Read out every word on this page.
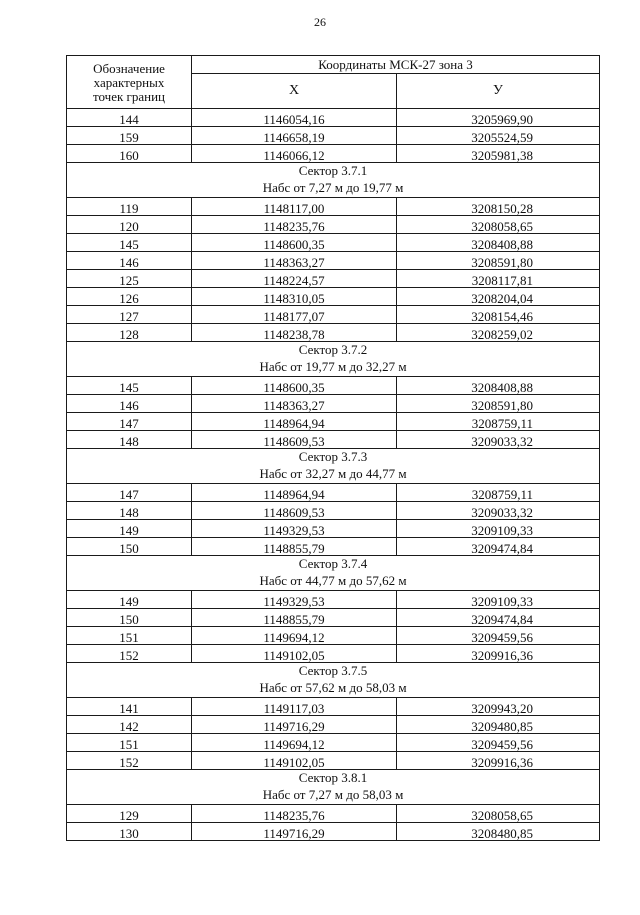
26
Обозначение
характерных
точек границ	Координаты МСК-27 зона 3	
	Х	У
144	1146054,16	3205969,90
159	1146658,19	3205524,59
160	1146066,12	3205981,38

Сектор 3.7.1
Набс от 7,27 м до 19,77 м		

119	1148117,00	3208150,28
120	1148235,76	3208058,65
145	1148600,35	3208408,88
146	1148363,27	3208591,80
125	1148224,57	3208117,81
126	1148310,05	3208204,04
127	1148177,07	3208154,46
128	1148238,78	3208259,02

Сектор 3.7.2
Набс от 19,77 м до 32,27 м		

145	1148600,35	3208408,88
146	1148363,27	3208591,80
147	1148964,94	3208759,11
148	1148609,53	3209033,32

Сектор 3.7.3
Набс от 32,27 м до 44,77 м		

147	1148964,94	3208759,11
148	1148609,53	3209033,32
149	1149329,53	3209109,33
150	1148855,79	3209474,84

Сектор 3.7.4
Набс от 44,77 м до 57,62 м		

149	1149329,53	3209109,33
150	1148855,79	3209474,84
151	1149694,12	3209459,56
152	1149102,05	3209916,36

Сектор 3.7.5
Набс от 57,62 м до 58,03 м		

141	1149117,03	3209943,20
142	1149716,29	3209480,85
151	1149694,12	3209459,56
152	1149102,05	3209916,36

Сектор 3.8.1
Набс от 7,27 м до 58,03 м		

129	1148235,76	3208058,65
130	1149716,29	3208480,85
